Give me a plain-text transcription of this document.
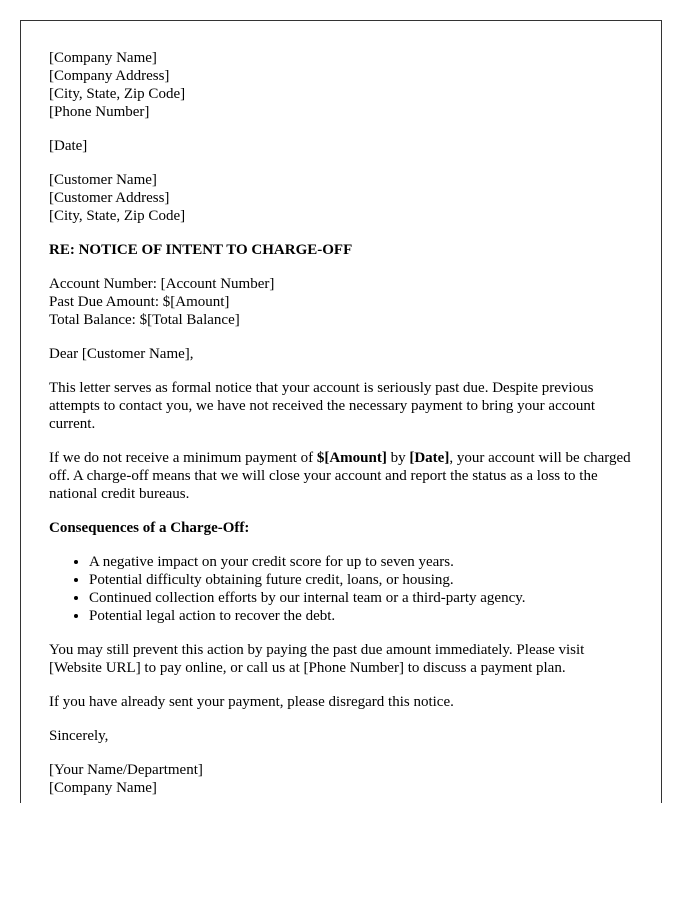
[Company Name]
[Company Address]
[City, State, Zip Code]
[Phone Number]

[Date]

[Customer Name]
[Customer Address]
[City, State, Zip Code]

RE: NOTICE OF INTENT TO CHARGE-OFF

Account Number: [Account Number]
Past Due Amount: $[Amount]
Total Balance: $[Total Balance]

Dear [Customer Name],

This letter serves as formal notice that your account is seriously past due. Despite previous attempts to contact you, we have not received the necessary payment to bring your account current.

If we do not receive a minimum payment of $[Amount] by [Date], your account will be charged off. A charge-off means that we will close your account and report the status as a loss to the national credit bureaus.

Consequences of a Charge-Off:

• A negative impact on your credit score for up to seven years.
• Potential difficulty obtaining future credit, loans, or housing.
• Continued collection efforts by our internal team or a third-party agency.
• Potential legal action to recover the debt.

You may still prevent this action by paying the past due amount immediately. Please visit [Website URL] to pay online, or call us at [Phone Number] to discuss a payment plan.

If you have already sent your payment, please disregard this notice.

Sincerely,

[Your Name/Department]
[Company Name]
